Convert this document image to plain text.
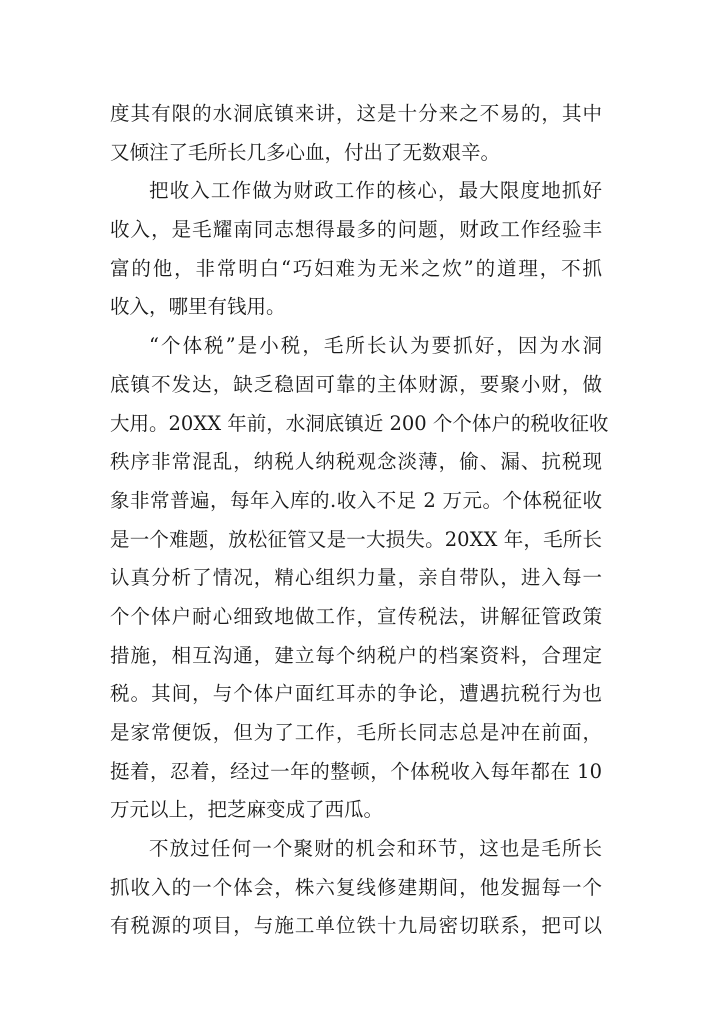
度其有限的水洞底镇来讲，这是十分来之不易的，其中
又倾注了毛所长几多心血，付出了无数艰辛。
把收入工作做为财政工作的核心，最大限度地抓好
收入，是毛耀南同志想得最多的问题，财政工作经验丰
富的他，非常明白“巧妇难为无米之炊”的道理，不抓
收入，哪里有钱用。
“个体税”是小税，毛所长认为要抓好，因为水洞
底镇不发达，缺乏稳固可靠的主体财源，要聚小财，做
大用。20XX 年前，水洞底镇近 200 个个体户的税收征收
秩序非常混乱，纳税人纳税观念淡薄，偷、漏、抗税现
象非常普遍，每年入库的.收入不足 2 万元。个体税征收
是一个难题，放松征管又是一大损失。20XX 年，毛所长
认真分析了情况，精心组织力量，亲自带队，进入每一
个个体户耐心细致地做工作，宣传税法，讲解征管政策
措施，相互沟通，建立每个纳税户的档案资料，合理定
税。其间，与个体户面红耳赤的争论，遭遇抗税行为也
是家常便饭，但为了工作，毛所长同志总是冲在前面，
挺着，忍着，经过一年的整顿，个体税收入每年都在 10
万元以上，把芝麻变成了西瓜。
不放过任何一个聚财的机会和环节，这也是毛所长
抓收入的一个体会，株六复线修建期间，他发掘每一个
有税源的项目，与施工单位铁十九局密切联系，把可以
